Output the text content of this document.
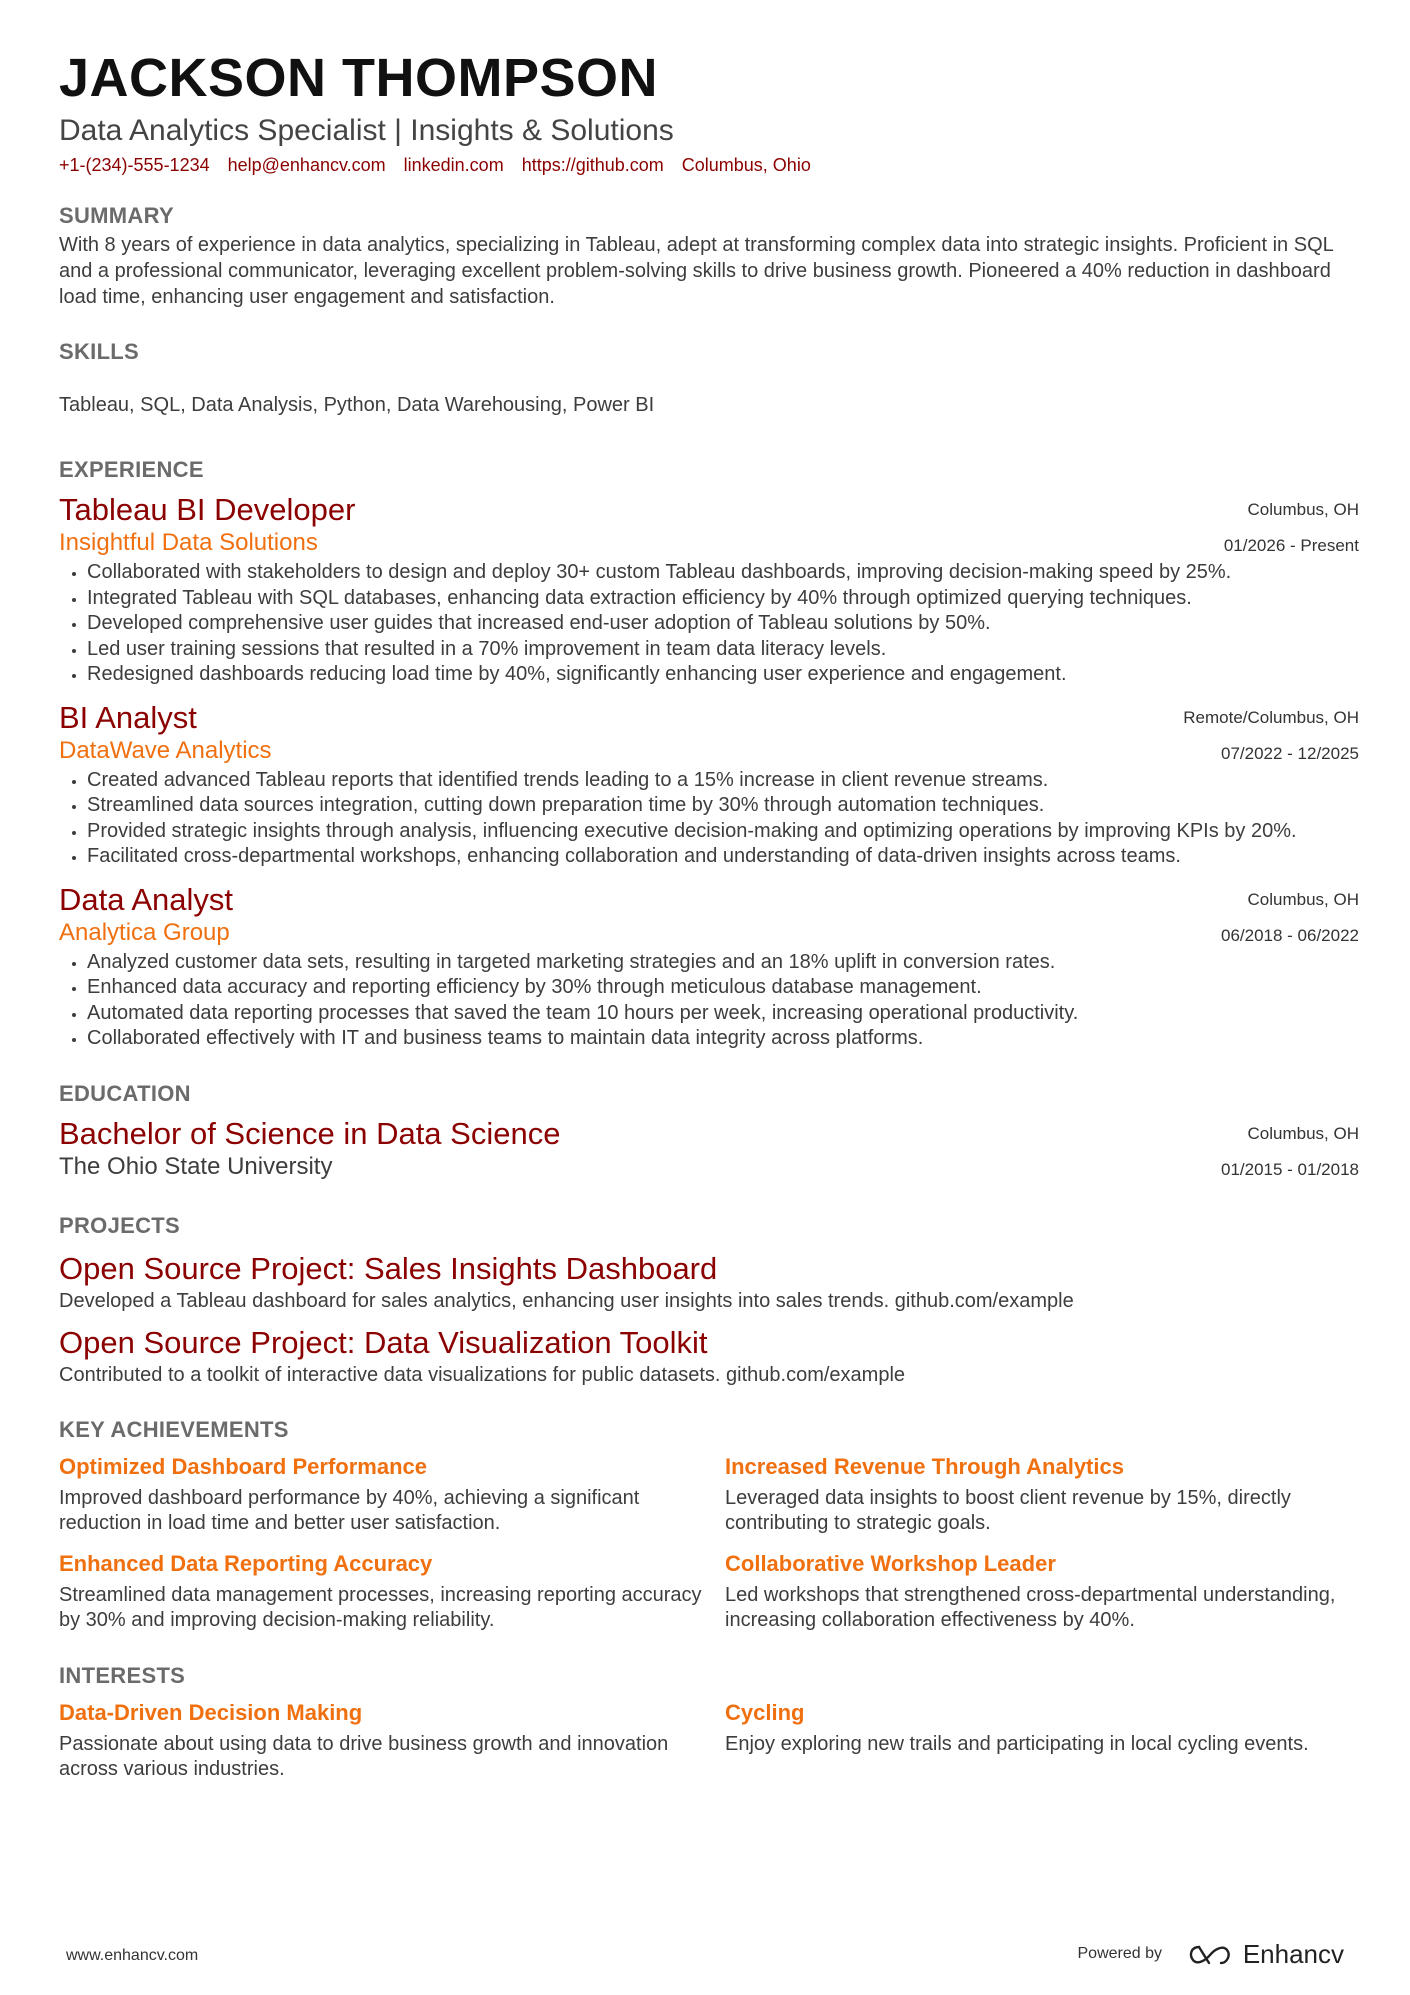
JACKSON THOMPSON
Data Analytics Specialist | Insights & Solutions
+1-(234)-555-1234 help@enhancv.com linkedin.com https://github.com Columbus, Ohio
SUMMARY
With 8 years of experience in data analytics, specializing in Tableau, adept at transforming complex data into strategic insights. Proficient in SQL and a professional communicator, leveraging excellent problem-solving skills to drive business growth. Pioneered a 40% reduction in dashboard load time, enhancing user engagement and satisfaction.
SKILLS
Tableau, SQL, Data Analysis, Python, Data Warehousing, Power BI
EXPERIENCE
Tableau BI Developer
Insightful Data Solutions
Columbus, OH
01/2026 - Present
• Collaborated with stakeholders to design and deploy 30+ custom Tableau dashboards, improving decision-making speed by 25%.
• Integrated Tableau with SQL databases, enhancing data extraction efficiency by 40% through optimized querying techniques.
• Developed comprehensive user guides that increased end-user adoption of Tableau solutions by 50%.
• Led user training sessions that resulted in a 70% improvement in team data literacy levels.
• Redesigned dashboards reducing load time by 40%, significantly enhancing user experience and engagement.
BI Analyst
DataWave Analytics
Remote/Columbus, OH
07/2022 - 12/2025
• Created advanced Tableau reports that identified trends leading to a 15% increase in client revenue streams.
• Streamlined data sources integration, cutting down preparation time by 30% through automation techniques.
• Provided strategic insights through analysis, influencing executive decision-making and optimizing operations by improving KPIs by 20%.
• Facilitated cross-departmental workshops, enhancing collaboration and understanding of data-driven insights across teams.
Data Analyst
Analytica Group
Columbus, OH
06/2018 - 06/2022
• Analyzed customer data sets, resulting in targeted marketing strategies and an 18% uplift in conversion rates.
• Enhanced data accuracy and reporting efficiency by 30% through meticulous database management.
• Automated data reporting processes that saved the team 10 hours per week, increasing operational productivity.
• Collaborated effectively with IT and business teams to maintain data integrity across platforms.
EDUCATION
Bachelor of Science in Data Science
The Ohio State University
Columbus, OH
01/2015 - 01/2018
PROJECTS
Open Source Project: Sales Insights Dashboard
Developed a Tableau dashboard for sales analytics, enhancing user insights into sales trends. github.com/example
Open Source Project: Data Visualization Toolkit
Contributed to a toolkit of interactive data visualizations for public datasets. github.com/example
KEY ACHIEVEMENTS
Optimized Dashboard Performance
Improved dashboard performance by 40%, achieving a significant reduction in load time and better user satisfaction.
Increased Revenue Through Analytics
Leveraged data insights to boost client revenue by 15%, directly contributing to strategic goals.
Enhanced Data Reporting Accuracy
Streamlined data management processes, increasing reporting accuracy by 30% and improving decision-making reliability.
Collaborative Workshop Leader
Led workshops that strengthened cross-departmental understanding, increasing collaboration effectiveness by 40%.
INTERESTS
Data-Driven Decision Making
Passionate about using data to drive business growth and innovation across various industries.
Cycling
Enjoy exploring new trails and participating in local cycling events.
www.enhancv.com	Powered by	Enhancv
